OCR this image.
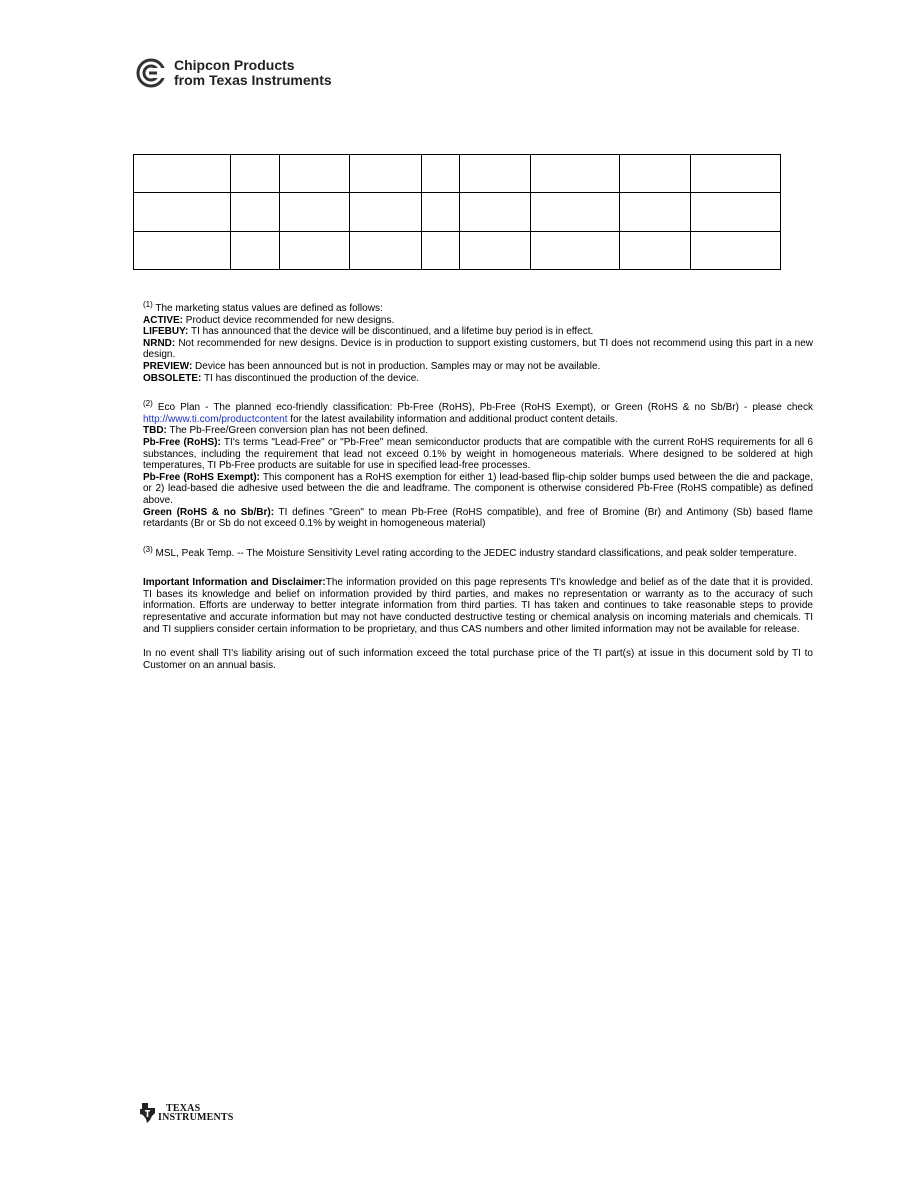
Chipcon Products
from Texas Instruments

$^{(1)}$ The marketing status values are defined as follows:

ACTIVE: Product device recommended for new designs.

LIFEBUY: TI has announced that the device will be discontinued, and a lifetime buy period is in effect.

NRND: Not recommended for new designs. Device is in production to support existing customers, but TI does not recommend using this part in a new design.

PREVIEW: Device has been announced but is not in production. Samples may or may not be available.

OBSOLETE: TI has discontinued the production of the device.

$^{(2)}$ Eco Plan - The planned eco-friendly classification: Pb-Free (RoHS), Pb-Free (RoHS Exempt), or Green (RoHS & no Sb/Br) - please check http://www.ti.com/productcontent for the latest availability information and additional product content details.

TBD: The Pb-Free/Green conversion plan has not been defined.

Pb-Free (RoHS): TI's terms "Lead-Free" or "Pb-Free" mean semiconductor products that are compatible with the current RoHS requirements for all 6 substances, including the requirement that lead not exceed 0.1% by weight in homogeneous materials. Where designed to be soldered at high temperatures, TI Pb-Free products are suitable for use in specified lead-free processes.

Pb-Free (RoHS Exempt): This component has a RoHS exemption for either 1) lead-based flip-chip solder bumps used between the die and package, or 2) lead-based die adhesive used between the die and leadframe. The component is otherwise considered Pb-Free (RoHS compatible) as defined above.

Green (RoHS & no Sb/Br): TI defines "Green" to mean Pb-Free (RoHS compatible), and free of Bromine (Br) and Antimony (Sb) based flame retardants (Br or Sb do not exceed 0.1% by weight in homogeneous material)

$^{(3)}$ MSL, Peak Temp. -- The Moisture Sensitivity Level rating according to the JEDEC industry standard classifications, and peak solder temperature.

Important Information and Disclaimer:The information provided on this page represents TI's knowledge and belief as of the date that it is provided. TI bases its knowledge and belief on information provided by third parties, and makes no representation or warranty as to the accuracy of such information. Efforts are underway to better integrate information from third parties. TI has taken and continues to take reasonable steps to provide representative and accurate information but may not have conducted destructive testing or chemical analysis on incoming materials and chemicals. TI and TI suppliers consider certain information to be proprietary, and thus CAS numbers and other limited information may not be available for release.

In no event shall TI's liability arising out of such information exceed the total purchase price of the TI part(s) at issue in this document sold by TI to Customer on an annual basis.

TEXAS
INSTRUMENTS
